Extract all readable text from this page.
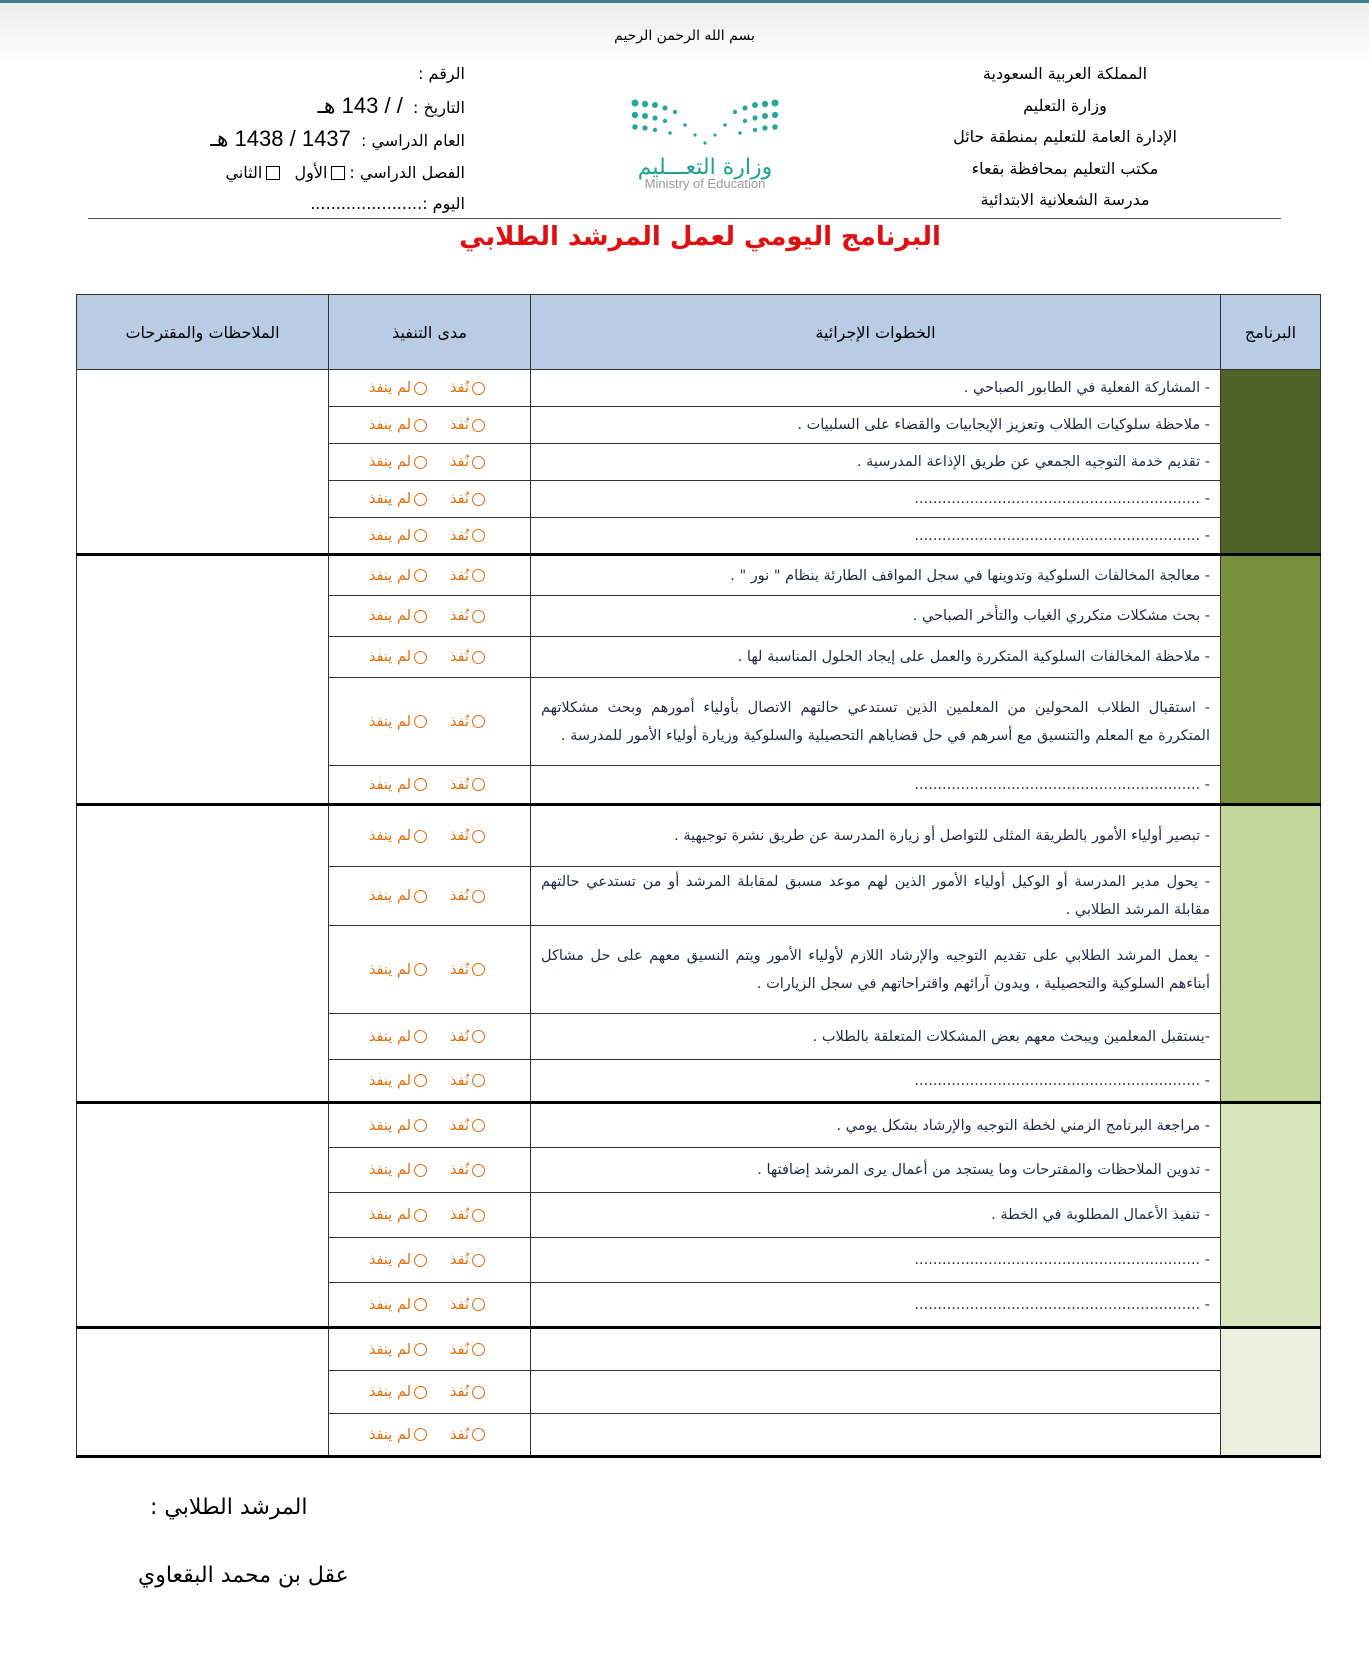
بسم الله الرحمن الرحيم
المملكة العربية السعودية
وزارة التعليم
الإدارة العامة للتعليم بمنطقة حائل
مكتب التعليم بمحافظة بقعاء
مدرسة الشعلانية الابتدائية
الرقم :
التاريخ :  / / 143 هـ
العام الدراسي :  1437 / 1438 هـ
الفصل الدراسي :الأول  الثاني
اليوم :......................
وزارة التعـــليم
Ministry of Education
البرنامج اليومي لعمل المرشد الطلابي
البرنامج	الخطوات الإجرائية	مدى التنفيذ	الملاحظات والمقترحات
	- المشاركة الفعلية في الطابور الصباحي .	نُفذلم ينفذ	
	- ملاحظة سلوكيات الطلاب وتعزيز الإيجابيات والقضاء على السلبيات .	نُفذلم ينفذ	
	- تقديم خدمة التوجيه الجمعي عن طريق الإذاعة المدرسية .	نُفذلم ينفذ	
	- ..............................................................	نُفذلم ينفذ	
	- ..............................................................	نُفذلم ينفذ	
	- معالجة المخالفات السلوكية وتدوينها في سجل المواقف الطارئة بنظام " نور " .	نُفذلم ينفذ	
	- بحث مشكلات متكرري الغياب والتأخر الصباحي .	نُفذلم ينفذ	
	- ملاحظة المخالفات السلوكية المتكررة والعمل على إيجاد الحلول المناسبة لها .	نُفذلم ينفذ	
	- استقبال الطلاب المحولين من المعلمين الذين تستدعي حالتهم الاتصال بأولياء أمورهم وبحث مشكلاتهم المتكررة مع المعلم والتنسيق مع أسرهم في حل قضاياهم التحصيلية والسلوكية وزيارة أولياء الأمور للمدرسة .	نُفذلم ينفذ	
	- ..............................................................	نُفذلم ينفذ	
	- تبصير أولياء الأمور بالطريقة المثلى للتواصل أو زيارة المدرسة عن طريق نشرة توجيهية .	نُفذلم ينفذ	
	- يحول مدير المدرسة أو الوكيل أولياء الأمور الذين لهم موعد مسبق لمقابلة المرشد أو من تستدعي حالتهم مقابلة المرشد الطلابي .	نُفذلم ينفذ	
	- يعمل المرشد الطلابي على تقديم التوجيه والإرشاد اللازم لأولياء الأمور ويتم النسيق معهم على حل مشاكل أبناءهم السلوكية والتحصيلية ، ويدون آرائهم واقتراحاتهم في سجل الزيارات .	نُفذلم ينفذ	
	-يستقبل المعلمين ويبحث معهم بعض المشكلات المتعلقة بالطلاب .	نُفذلم ينفذ	
	- ..............................................................	نُفذلم ينفذ	
	- مراجعة البرنامج الزمني لخطة التوجيه والإرشاد بشكل يومي .	نُفذلم ينفذ	
	- تدوين الملاحظات والمقترحات وما يستجد من أعمال يرى المرشد إضافتها .	نُفذلم ينفذ	
	- تنفيذ الأعمال المطلوبة في الخطة .	نُفذلم ينفذ	
	- ..............................................................	نُفذلم ينفذ	
	- ..............................................................	نُفذلم ينفذ	
		نُفذلم ينفذ	
		نُفذلم ينفذ	
		نُفذلم ينفذ	
المرشد الطلابي :
عقل بن محمد البقعاوي
